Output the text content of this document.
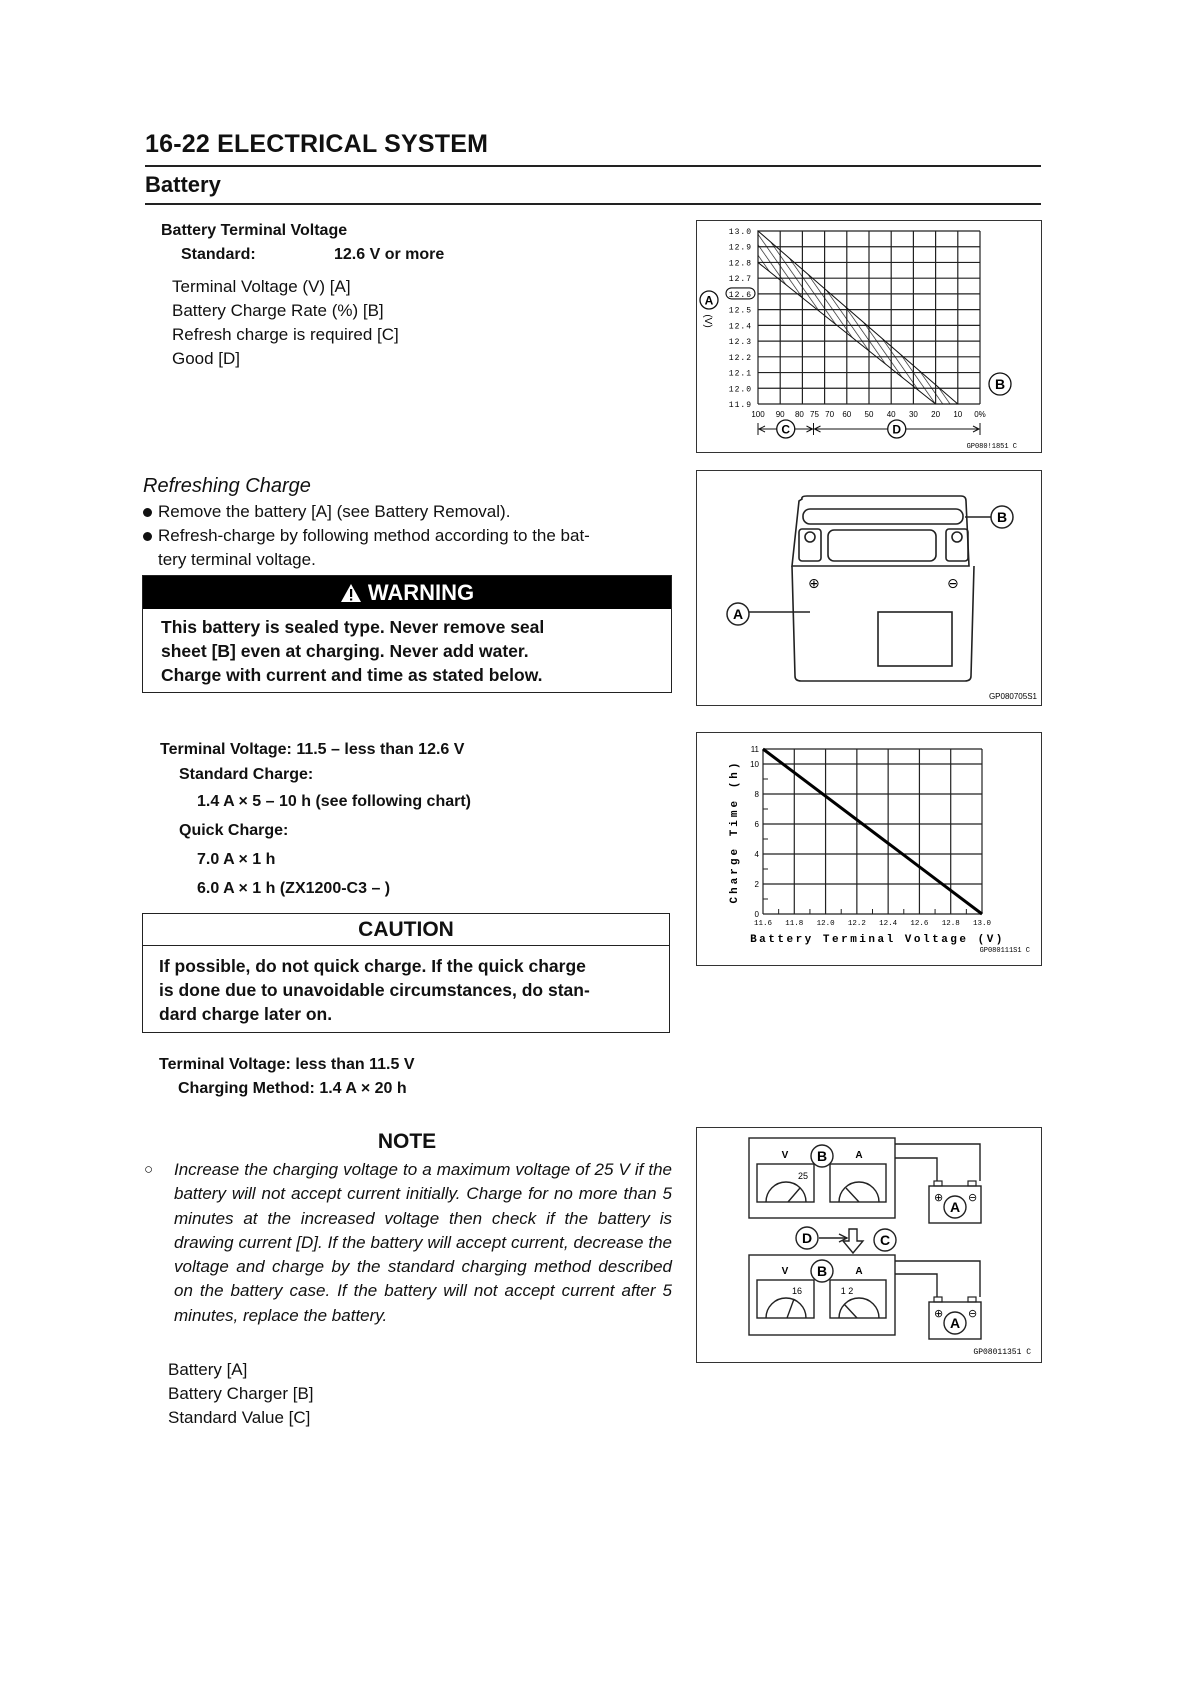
16-22 ELECTRICAL SYSTEM
Battery
Battery Terminal Voltage
Standard:	12.6 V or more
Terminal Voltage (V) [A]
Battery Charge Rate (%) [B]
Refresh charge is required [C]
Good [D]
13.0
12.9
12.8
12.7
12.6
12.5
12.4
12.3
12.2
12.1
12.0
11.9
100 90 80 75 70 60 50 40 30 20 10 0%
A
(V)
B
C	D
GP080!1851 C
Refreshing Charge
Remove the battery [A] (see Battery Removal).
Refresh-charge by following method according to the bat-
tery terminal voltage.
WARNING
This battery is sealed type. Never remove seal
sheet [B] even at charging. Never add water.
Charge with current and time as stated below.
⊕	⊖
B
A
GP080705S1
Terminal Voltage: 11.5 – less than 12.6 V
Standard Charge:
1.4 A × 5 – 10 h (see following chart)
Quick Charge:
7.0 A × 1 h
6.0 A × 1 h (ZX1200-C3 – )
0
2
4
6
8
10
11
11.6 11.8 12.0 12.2 12.4 12.6 12.8 13.0
Charge Time (h)
Battery Terminal Voltage (V)
GP080111S1 C
CAUTION
If possible, do not quick charge. If the quick charge
is done due to unavoidable circumstances, do stan-
dard charge later on.
Terminal Voltage: less than 11.5 V
Charging Method: 1.4 A × 20 h
NOTE
○	Increase the charging voltage to a maximum voltage of 25 V if the battery will not accept current initially. Charge for no more than 5 minutes at the increased voltage then check if the battery is drawing current [D]. If the battery will accept current, decrease the voltage and charge by the standard charging method described on the battery case. If the battery will not accept current after 5 minutes, replace the battery.
Battery [A]
Battery Charger [B]
Standard Value [C]
⊕ ⊖
⊕ ⊖
V	A
25
V	A
16	1 2
B
B
A
A
D	C
GP08011351 C
